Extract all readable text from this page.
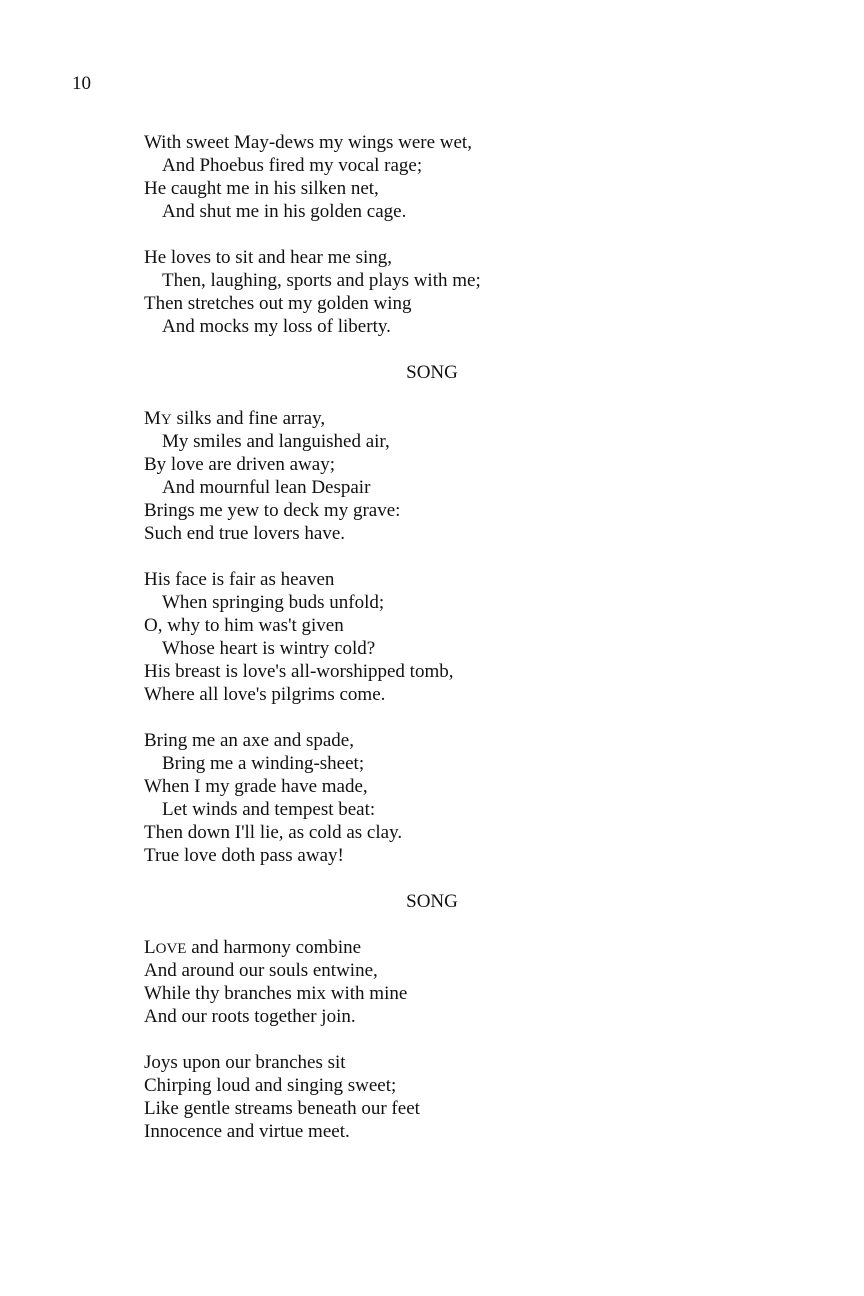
10
With sweet May-dews my wings were wet,
And Phoebus fired my vocal rage;
He caught me in his silken net,
And shut me in his golden cage.
He loves to sit and hear me sing,
Then, laughing, sports and plays with me;
Then stretches out my golden wing
And mocks my loss of liberty.
SONG
MY silks and fine array,
My smiles and languished air,
By love are driven away;
And mournful lean Despair
Brings me yew to deck my grave:
Such end true lovers have.
His face is fair as heaven
When springing buds unfold;
O, why to him was't given
Whose heart is wintry cold?
His breast is love's all-worshipped tomb,
Where all love's pilgrims come.
Bring me an axe and spade,
Bring me a winding-sheet;
When I my grade have made,
Let winds and tempest beat:
Then down I'll lie, as cold as clay.
True love doth pass away!
SONG
LOVE and harmony combine
And around our souls entwine,
While thy branches mix with mine
And our roots together join.
Joys upon our branches sit
Chirping loud and singing sweet;
Like gentle streams beneath our feet
Innocence and virtue meet.
